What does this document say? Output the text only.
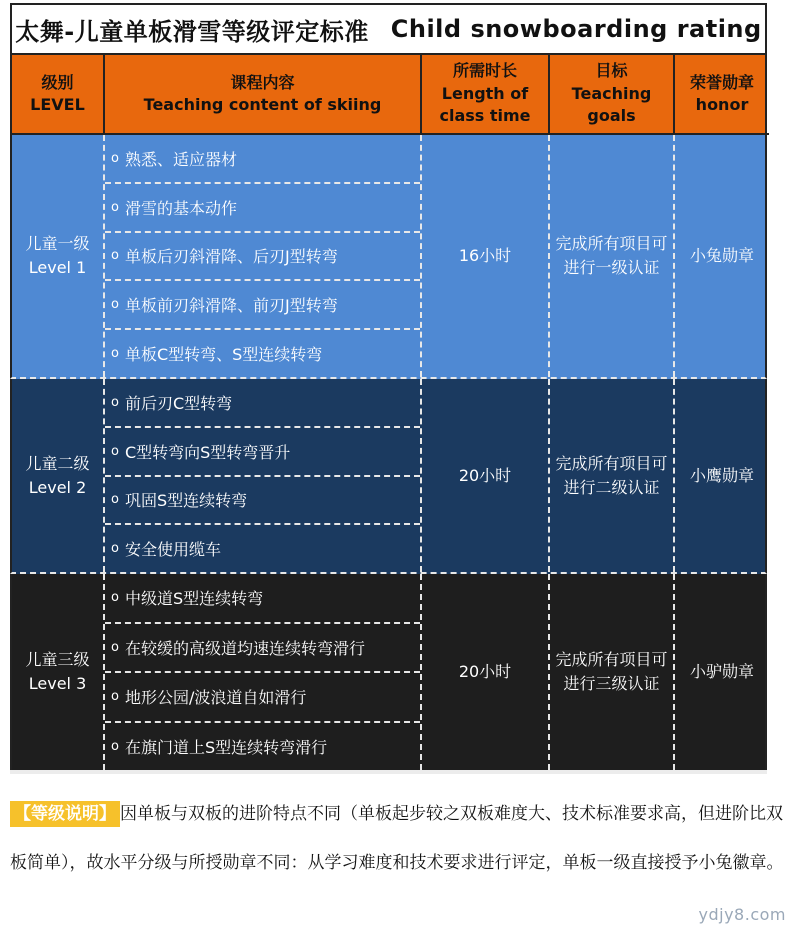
太舞-儿童单板滑雪等级评定标准 Child snowboarding rating
级别
LEVEL
课程内容
Teaching content of skiing
所需时长
Length of
class time
目标
Teaching
goals
荣誉勋章
honor
儿童一级
Level 1
o 熟悉、适应器材
o 滑雪的基本动作
o 单板后刃斜滑降、后刃J型转弯
o 单板前刃斜滑降、前刃J型转弯
o 单板C型转弯、S型连续转弯
16小时
完成所有项目可
进行一级认证
小兔勋章
儿童二级
Level 2
o 前后刃C型转弯
o C型转弯向S型转弯晋升
o 巩固S型连续转弯
o 安全使用缆车
20小时
完成所有项目可
进行二级认证
小鹰勋章
儿童三级
Level 3
o 中级道S型连续转弯
o 在较缓的高级道均速连续转弯滑行
o 地形公园/波浪道自如滑行
o 在旗门道上S型连续转弯滑行
20小时
完成所有项目可
进行三级认证
小驴勋章
【等级说明】 因单板与双板的进阶特点不同（单板起步较之双板难度大、技术标准要求高，但进阶比双板简单），故水平分级与所授勋章不同：从学习难度和技术要求进行评定，单板一级直接授予小兔徽章。
ydjy8.com
